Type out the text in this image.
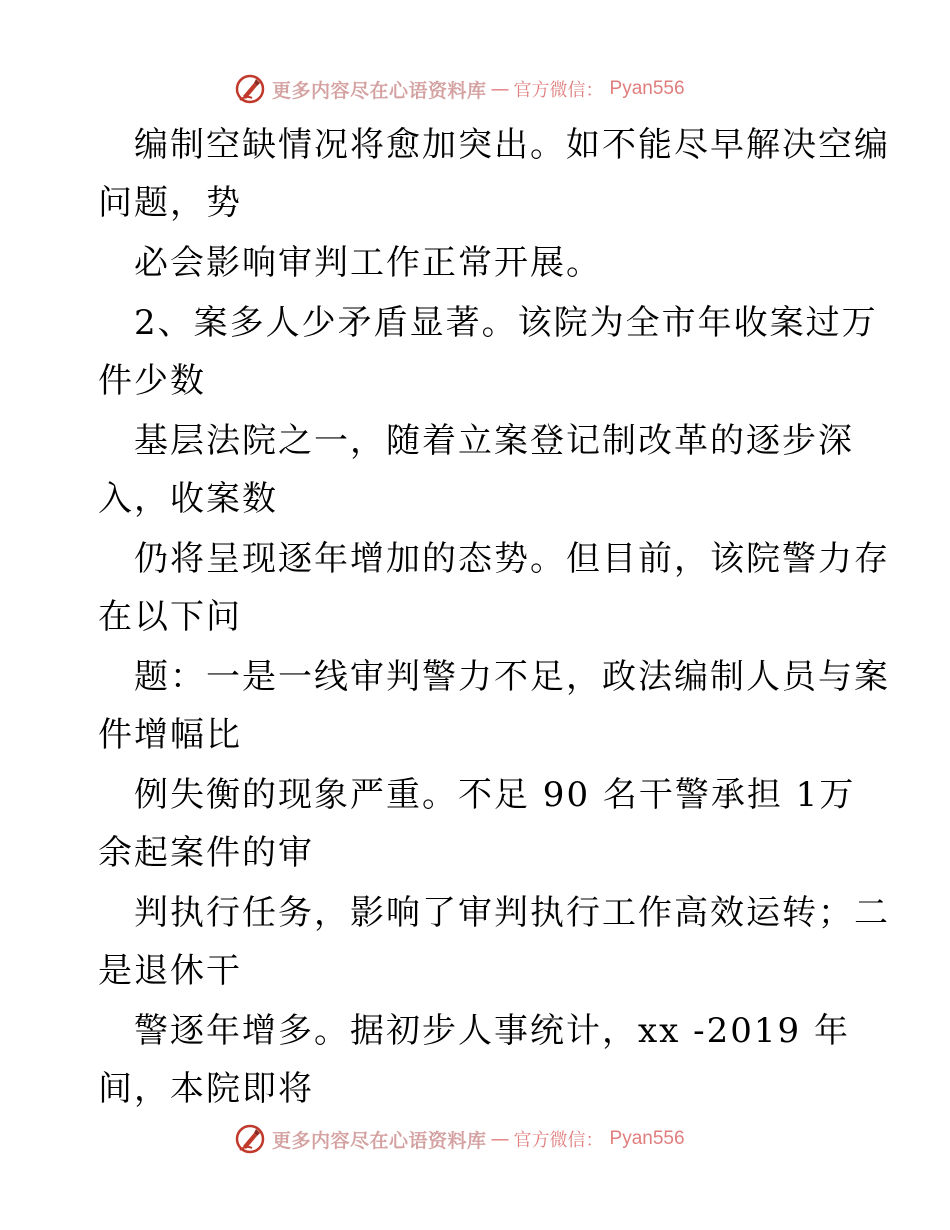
更多内容尽在心语资料库 — 官方微信： Pyan556
编制空缺情况将愈加突出。如不能尽早解决空编
问题，势
必会影响审判工作正常开展。
2、案多人少矛盾显著。该院为全市年收案过万
件少数
基层法院之一，随着立案登记制改革的逐步深
入，收案数
仍将呈现逐年增加的态势。但目前，该院警力存
在以下问
题：一是一线审判警力不足，政法编制人员与案
件增幅比
例失衡的现象严重。不足 90 名干警承担 1万
余起案件的审
判执行任务，影响了审判执行工作高效运转；二
是退休干
警逐年增多。据初步人事统计，xx -2019 年
间，本院即将
更多内容尽在心语资料库 — 官方微信： Pyan556
